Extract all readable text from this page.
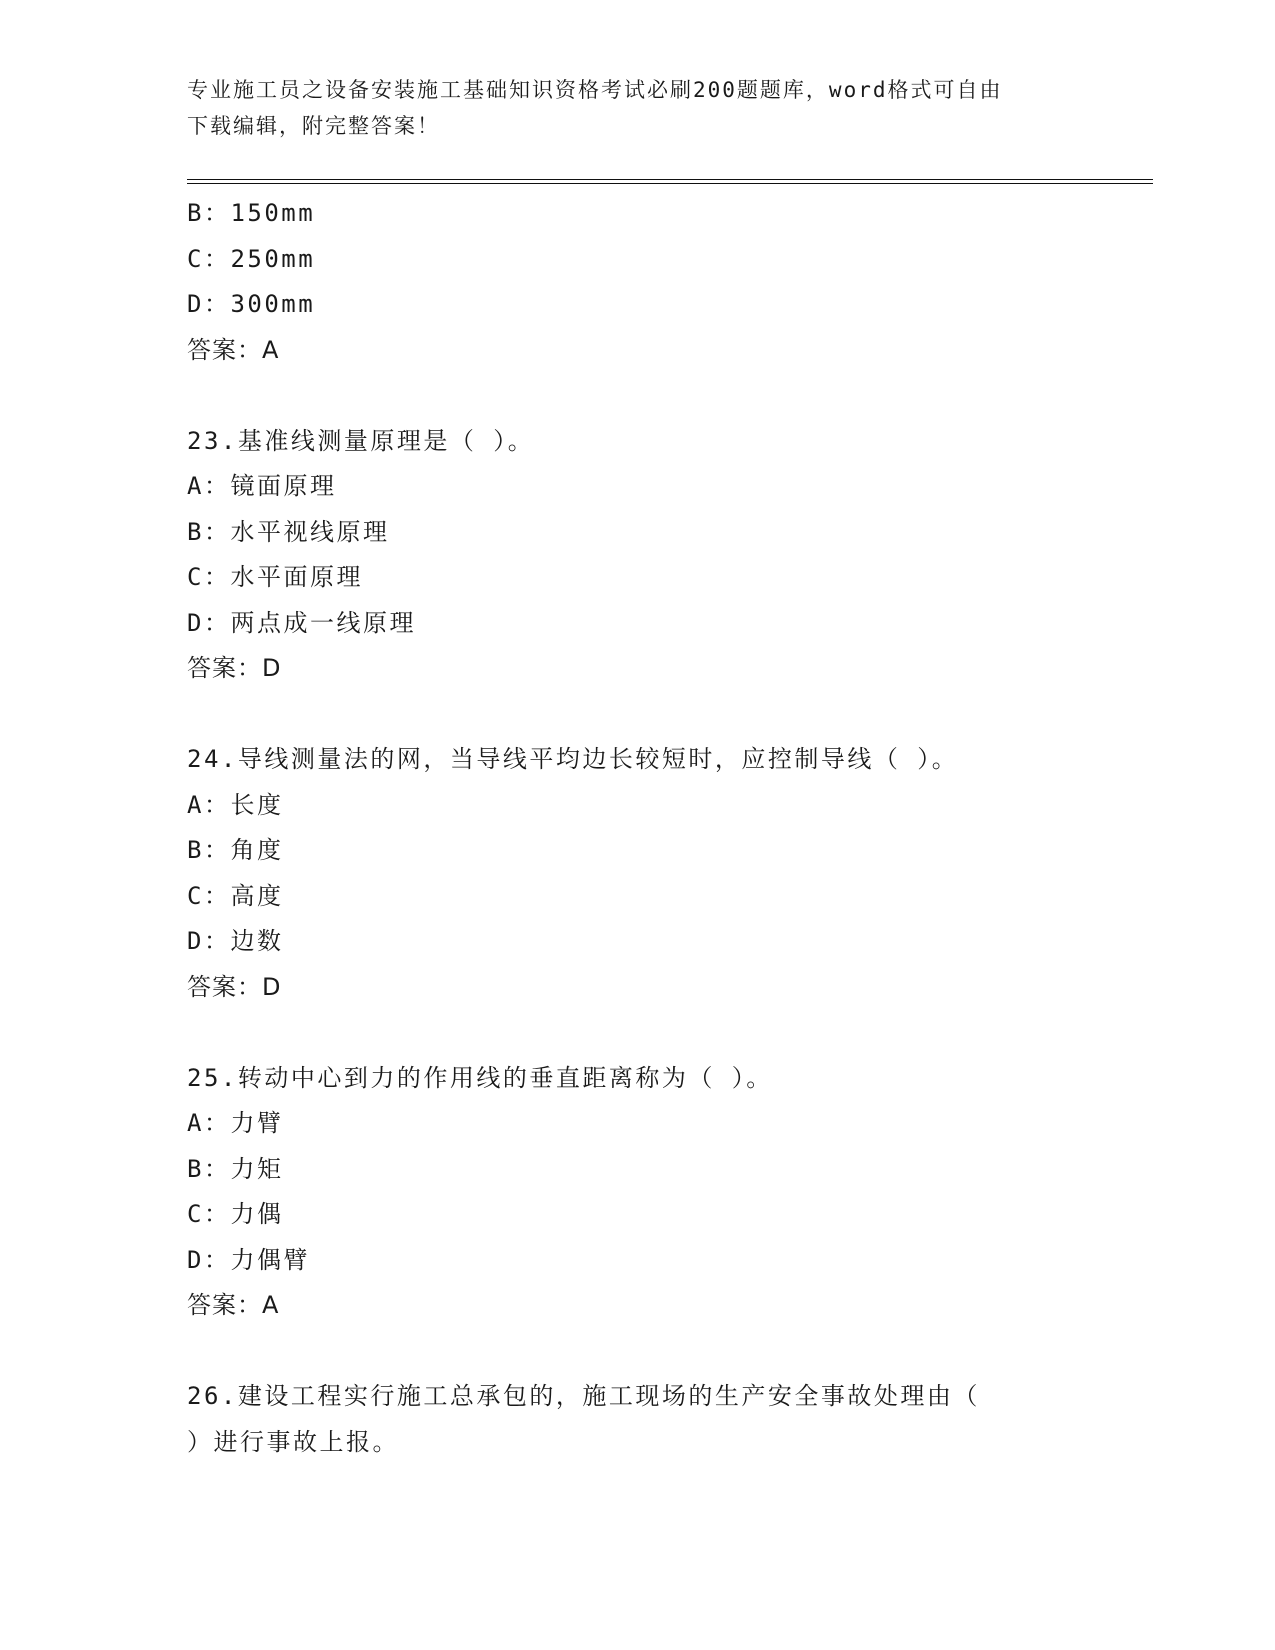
专业施工员之设备安装施工基础知识资格考试必刷200题题库，word格式可自由
下载编辑，附完整答案！
B：150mm
C：250mm
D：300mm
答案：A
23.基准线测量原理是（ ）。
A：镜面原理
B：水平视线原理
C：水平面原理
D：两点成一线原理
答案：D
24.导线测量法的网，当导线平均边长较短时，应控制导线（ ）。
A：长度
B：角度
C：高度
D：边数
答案：D
25.转动中心到力的作用线的垂直距离称为（ ）。
A：力臂
B：力矩
C：力偶
D：力偶臂
答案：A
26.建设工程实行施工总承包的，施工现场的生产安全事故处理由（
）进行事故上报。
